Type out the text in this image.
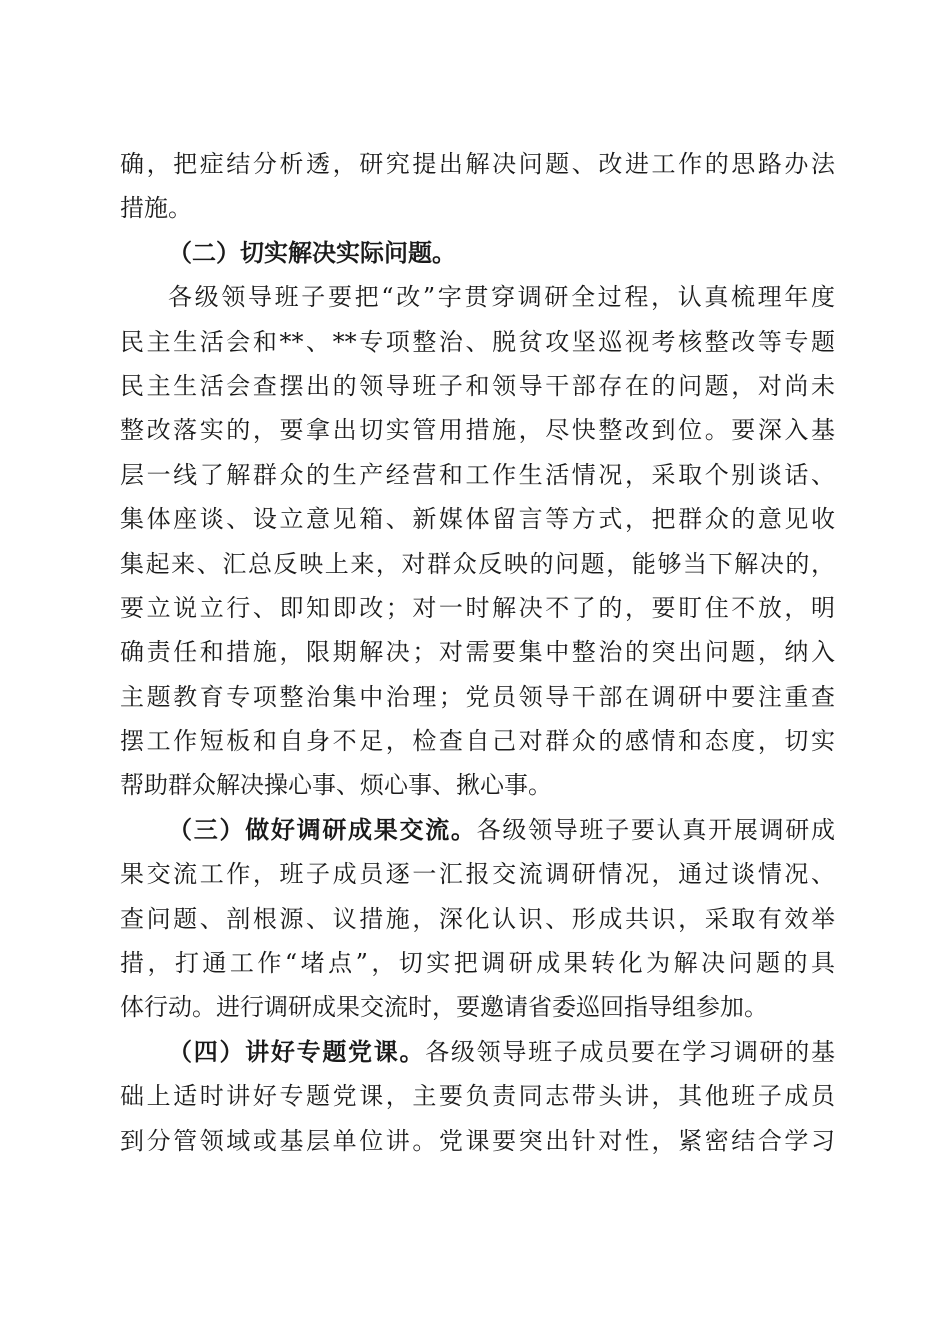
确，把症结分析透，研究提出解决问题、改进工作的思路办法
措施。
（二）切实解决实际问题。
各级领导班子要把“改”字贯穿调研全过程，认真梳理年度
民主生活会和**、**专项整治、脱贫攻坚巡视考核整改等专题
民主生活会查摆出的领导班子和领导干部存在的问题，对尚未
整改落实的，要拿出切实管用措施，尽快整改到位。要深入基
层一线了解群众的生产经营和工作生活情况，采取个别谈话、
集体座谈、设立意见箱、新媒体留言等方式，把群众的意见收
集起来、汇总反映上来，对群众反映的问题，能够当下解决的，
要立说立行、即知即改；对一时解决不了的，要盯住不放，明
确责任和措施，限期解决；对需要集中整治的突出问题，纳入
主题教育专项整治集中治理；党员领导干部在调研中要注重查
摆工作短板和自身不足，检查自己对群众的感情和态度，切实
帮助群众解决操心事、烦心事、揪心事。
（三）做好调研成果交流。各级领导班子要认真开展调研成
果交流工作，班子成员逐一汇报交流调研情况，通过谈情况、
查问题、剖根源、议措施，深化认识、形成共识，采取有效举
措，打通工作“堵点”，切实把调研成果转化为解决问题的具
体行动。进行调研成果交流时，要邀请省委巡回指导组参加。
（四）讲好专题党课。各级领导班子成员要在学习调研的基
础上适时讲好专题党课，主要负责同志带头讲，其他班子成员
到分管领域或基层单位讲。党课要突出针对性，紧密结合学习
